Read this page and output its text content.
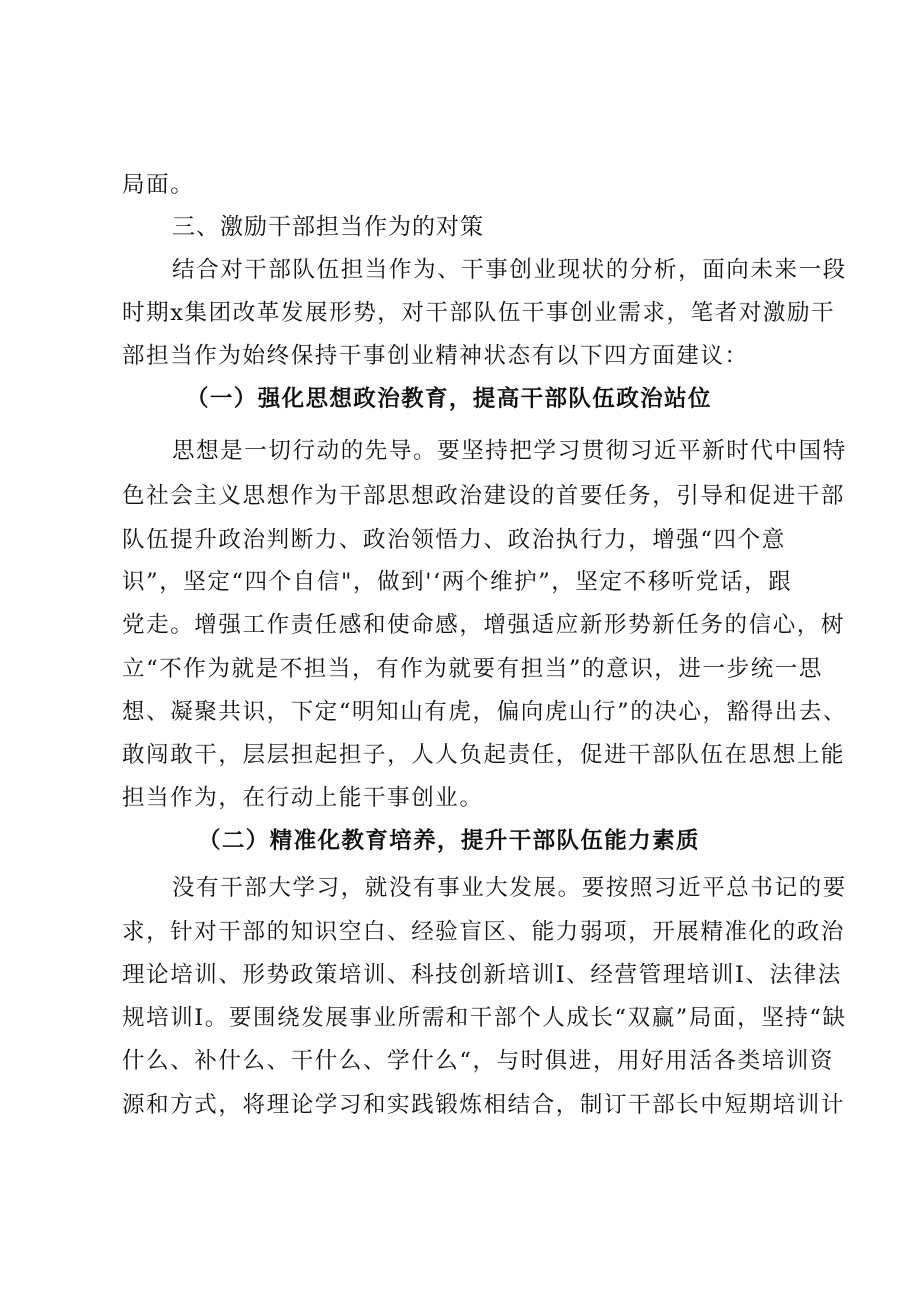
局面。
三、激励干部担当作为的对策
结合对干部队伍担当作为、干事创业现状的分析，面向未来一段
时期x集团改革发展形势，对干部队伍干事创业需求，笔者对激励干
部担当作为始终保持干事创业精神状态有以下四方面建议：
（一）强化思想政治教育，提高干部队伍政治站位
思想是一切行动的先导。要坚持把学习贯彻习近平新时代中国特
色社会主义思想作为干部思想政治建设的首要任务，引导和促进干部
队伍提升政治判断力、政治领悟力、政治执行力，增强“四个意
识”，坚定“四个自信"，做到'‘两个维护”，坚定不移听党话，跟
党走。增强工作责任感和使命感，增强适应新形势新任务的信心，树
立“不作为就是不担当，有作为就要有担当”的意识，进一步统一思
想、凝聚共识，下定“明知山有虎，偏向虎山行”的决心，豁得出去、
敢闯敢干，层层担起担子，人人负起责任，促进干部队伍在思想上能
担当作为，在行动上能干事创业。
（二）精准化教育培养，提升干部队伍能力素质
没有干部大学习，就没有事业大发展。要按照习近平总书记的要
求，针对干部的知识空白、经验盲区、能力弱项，开展精准化的政治
理论培训、形势政策培训、科技创新培训I、经营管理培训I、法律法
规培训I。要围绕发展事业所需和干部个人成长“双赢”局面，坚持“缺
什么、补什么、干什么、学什么“，与时俱进，用好用活各类培训资
源和方式，将理论学习和实践锻炼相结合，制订干部长中短期培训计
